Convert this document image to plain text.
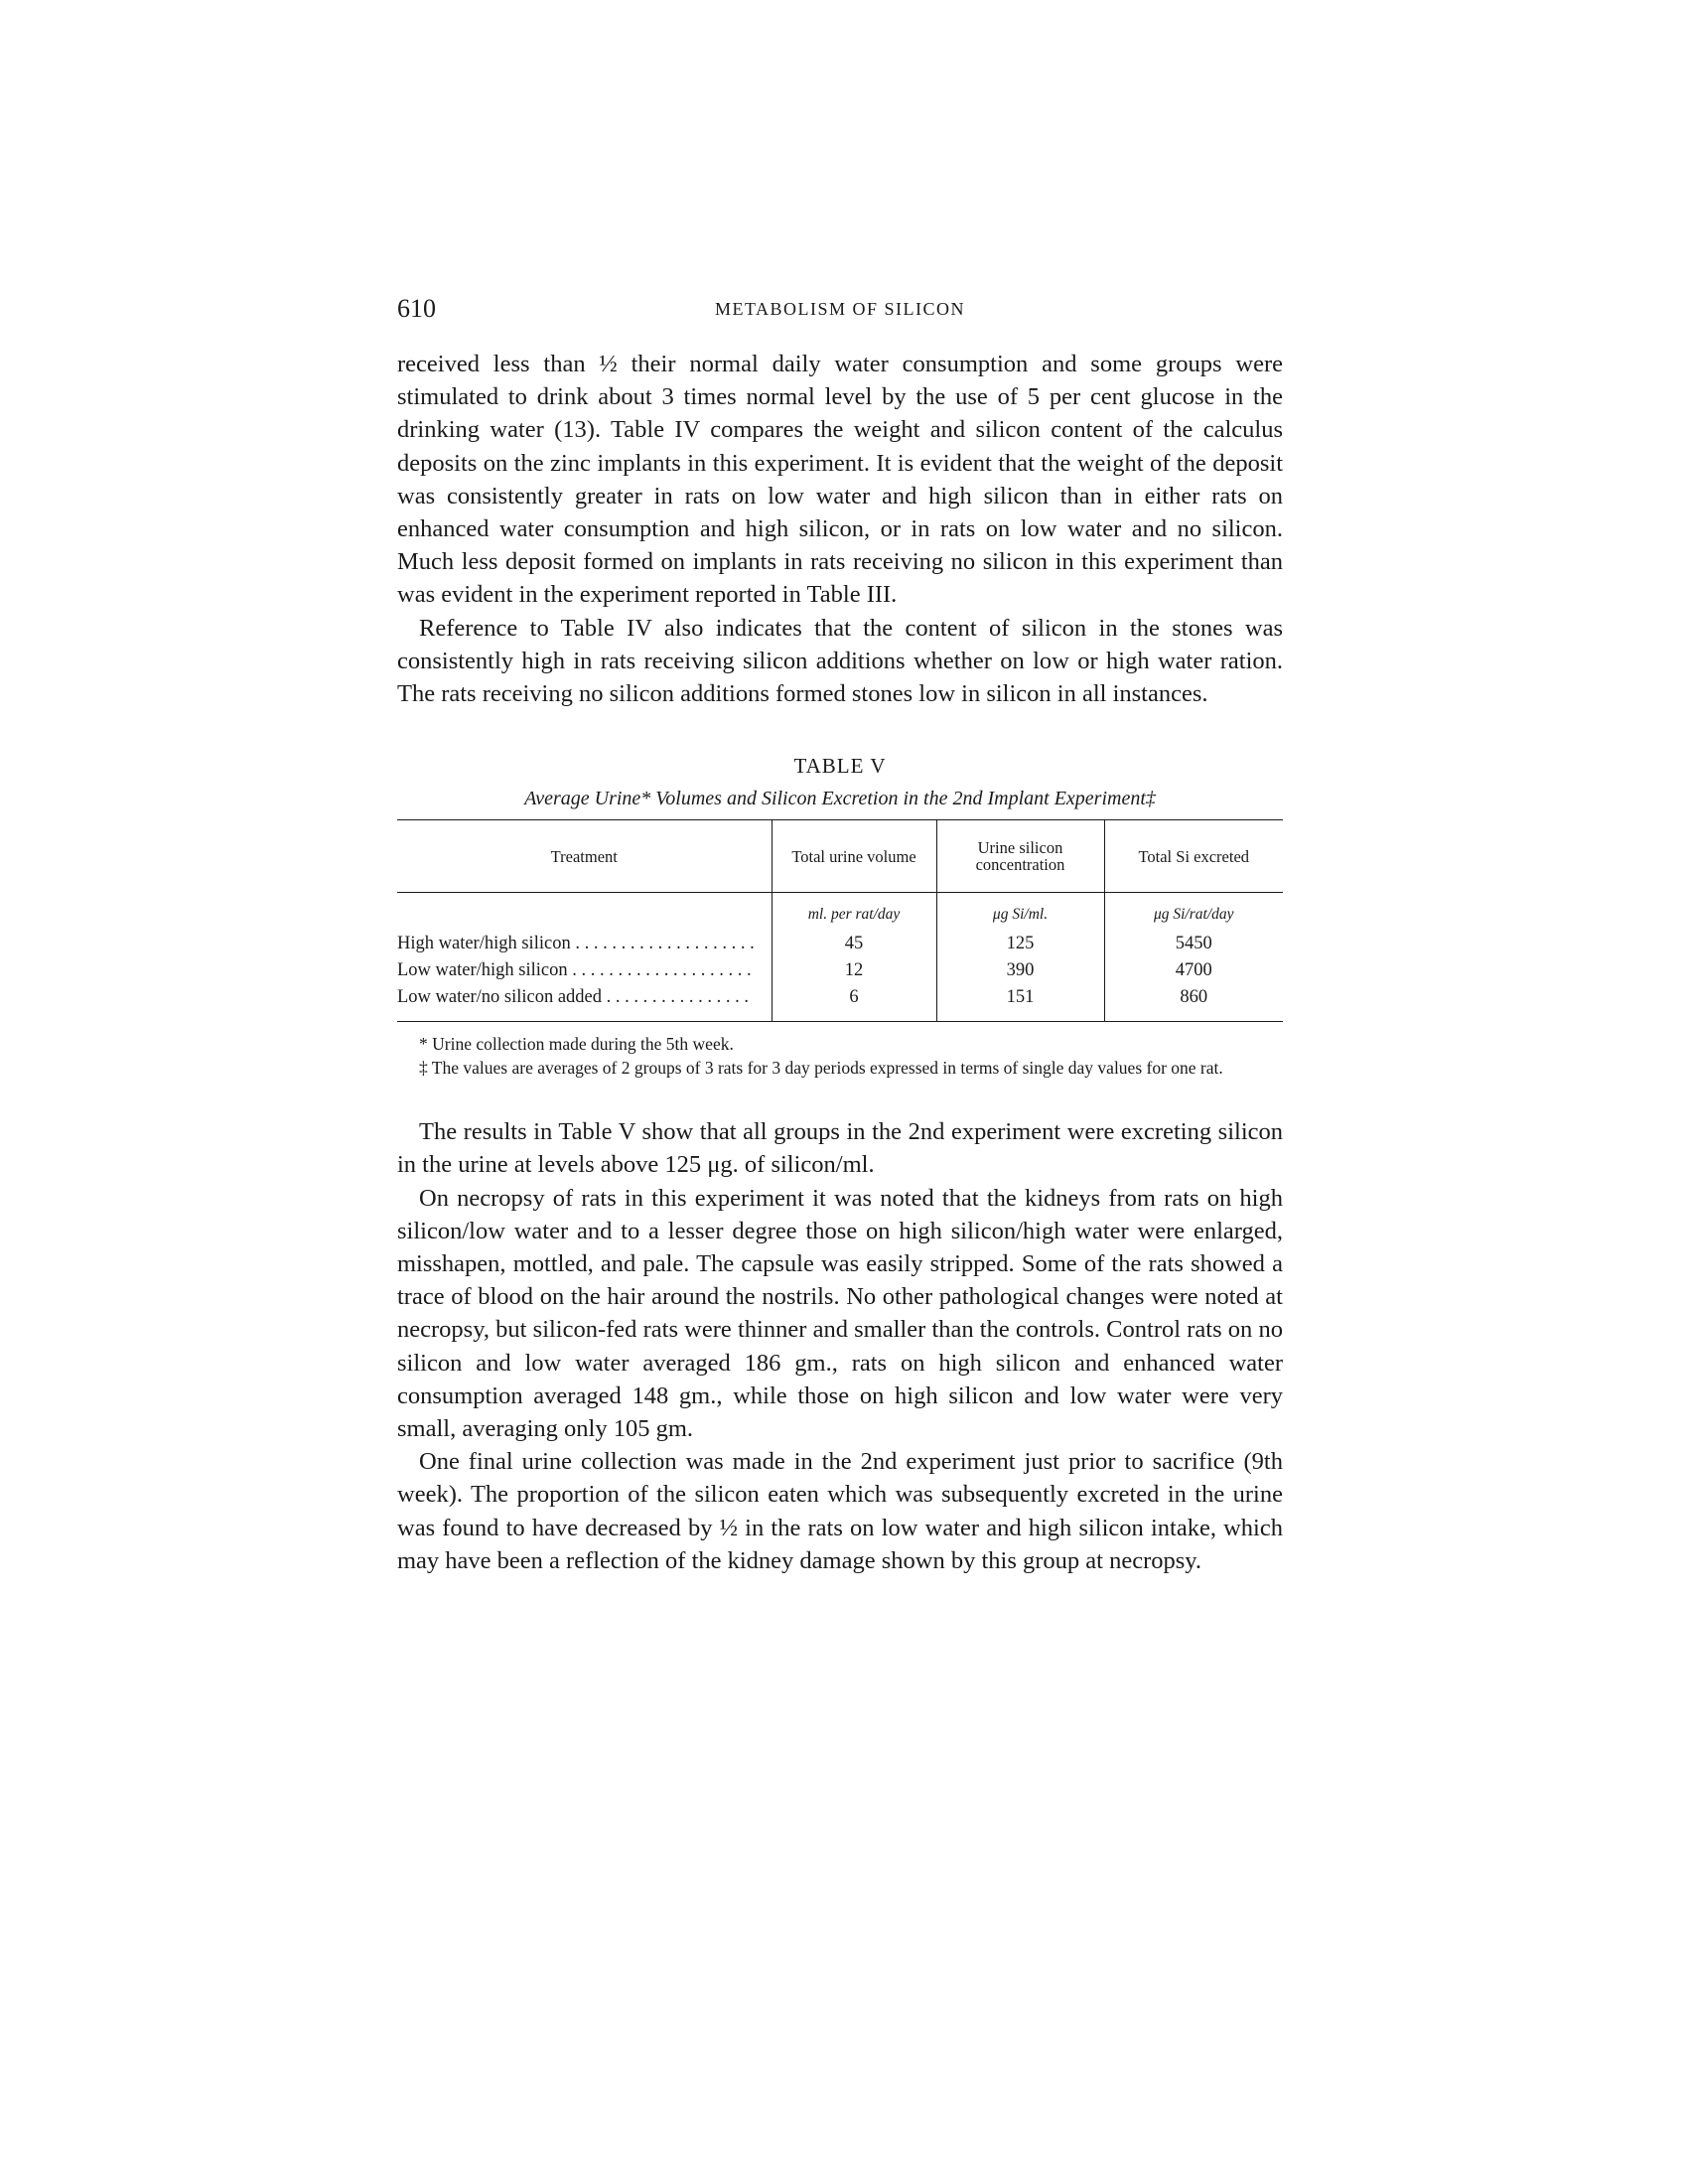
610	METABOLISM OF SILICON

received less than ½ their normal daily water consumption and some groups were stimulated to drink about 3 times normal level by the use of 5 per cent glucose in the drinking water (13). Table IV compares the weight and silicon content of the calculus deposits on the zinc implants in this experiment. It is evident that the weight of the deposit was consistently greater in rats on low water and high silicon than in either rats on enhanced water consumption and high silicon, or in rats on low water and no silicon. Much less deposit formed on implants in rats receiving no silicon in this experiment than was evident in the experiment reported in Table III.

Reference to Table IV also indicates that the content of silicon in the stones was consistently high in rats receiving silicon additions whether on low or high water ration. The rats receiving no silicon additions formed stones low in silicon in all instances.

TABLE V
Average Urine* Volumes and Silicon Excretion in the 2nd Implant Experiment‡
Treatment	Total urine volume	Urine silicon concentration	Total Si excreted
	ml. per rat/day	μg Si/ml.	μg Si/rat/day
High water/high silicon . . . . . . . . . . . . . . . . . . . .	45	125	5450
Low water/high silicon . . . . . . . . . . . . . . . . . . . .	12	390	4700
Low water/no silicon added . . . . . . . . . . . . . . . .	6	151	860

* Urine collection made during the 5th week.

‡ The values are averages of 2 groups of 3 rats for 3 day periods expressed in terms of single day values for one rat.

The results in Table V show that all groups in the 2nd experiment were excreting silicon in the urine at levels above 125 μg. of silicon/ml.

On necropsy of rats in this experiment it was noted that the kidneys from rats on high silicon/low water and to a lesser degree those on high silicon/high water were enlarged, misshapen, mottled, and pale. The capsule was easily stripped. Some of the rats showed a trace of blood on the hair around the nostrils. No other pathological changes were noted at necropsy, but silicon-fed rats were thinner and smaller than the controls. Control rats on no silicon and low water averaged 186 gm., rats on high silicon and enhanced water consumption averaged 148 gm., while those on high silicon and low water were very small, averaging only 105 gm.

One final urine collection was made in the 2nd experiment just prior to sacrifice (9th week). The proportion of the silicon eaten which was subsequently excreted in the urine was found to have decreased by ½ in the rats on low water and high silicon intake, which may have been a reflection of the kidney damage shown by this group at necropsy.
